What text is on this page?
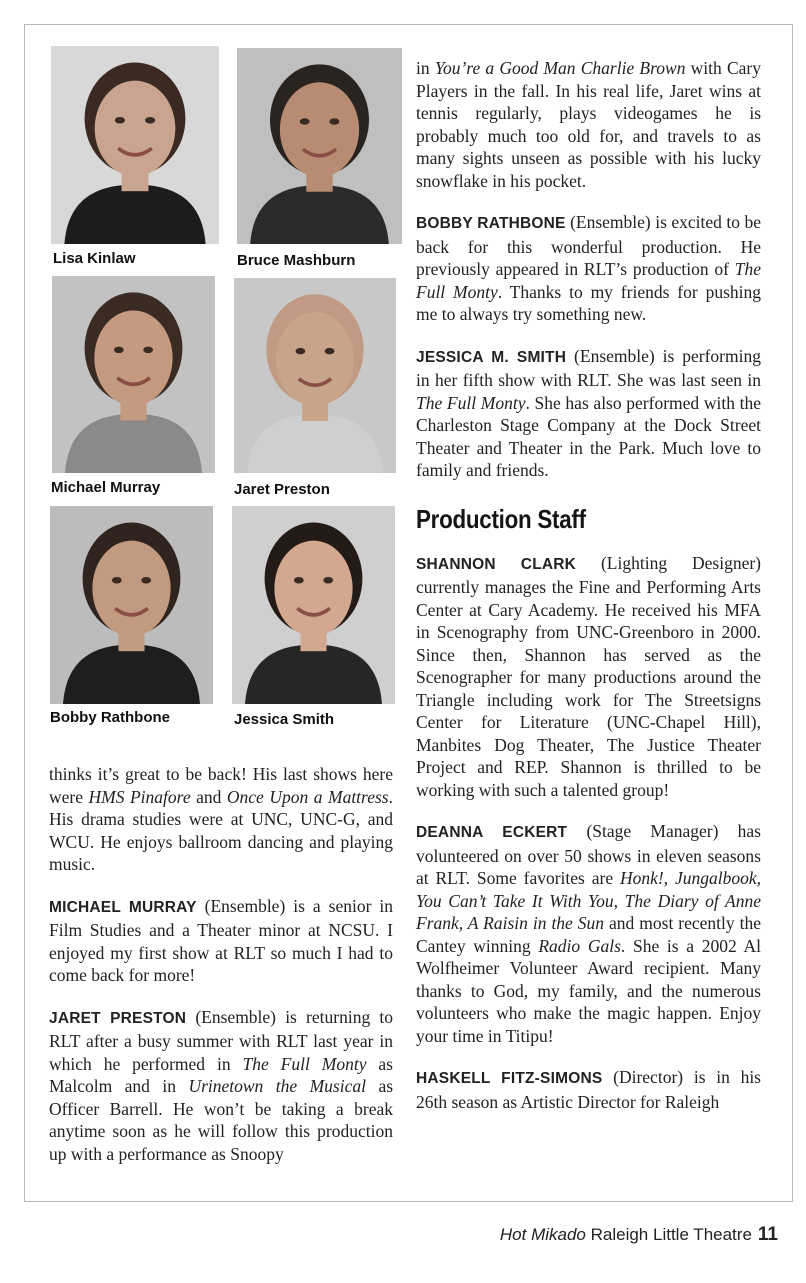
Lisa Kinlaw	Bruce Mashburn
Michael Murray	Jaret Preston
Bobby Rathbone	Jessica Smith

thinks it’s great to be back! His last shows here were HMS Pinafore and Once Upon a Mattress. His drama studies were at UNC, UNC-G, and WCU. He enjoys ballroom dancing and playing music.

MICHAEL MURRAY (Ensemble) is a senior in Film Studies and a Theater minor at NCSU. I enjoyed my first show at RLT so much I had to come back for more!

JARET PRESTON (Ensemble) is returning to RLT after a busy summer with RLT last year in which he performed in The Full Monty as Malcolm and in Urinetown the Musical as Officer Barrell. He won’t be taking a break anytime soon as he will follow this production up with a performance as Snoopy

in You’re a Good Man Charlie Brown with Cary Players in the fall. In his real life, Jaret wins at tennis regularly, plays videogames he is probably much too old for, and travels to as many sights unseen as possible with his lucky snowflake in his pocket.

BOBBY RATHBONE (Ensemble) is excited to be back for this wonderful production. He previously appeared in RLT’s production of The Full Monty. Thanks to my friends for pushing me to always try something new.

JESSICA M. SMITH (Ensemble) is performing in her fifth show with RLT. She was last seen in The Full Monty. She has also performed with the Charleston Stage Company at the Dock Street Theater and Theater in the Park. Much love to family and friends.

Production Staff

SHANNON CLARK (Lighting Designer) currently manages the Fine and Performing Arts Center at Cary Academy. He received his MFA in Scenography from UNC-Greenboro in 2000. Since then, Shannon has served as the Scenographer for many productions around the Triangle including work for The Streetsigns Center for Literature (UNC-Chapel Hill), Manbites Dog Theater, The Justice Theater Project and REP. Shannon is thrilled to be working with such a talented group!

DEANNA ECKERT (Stage Manager) has volunteered on over 50 shows in eleven seasons at RLT. Some favorites are Honk!, Jungalbook, You Can’t Take It With You, The Diary of Anne Frank, A Raisin in the Sun and most recently the Cantey winning Radio Gals. She is a 2002 Al Wolfheimer Volunteer Award recipient. Many thanks to God, my family, and the numerous volunteers who make the magic happen. Enjoy your time in Titipu!

HASKELL FITZ-SIMONS (Director) is in his 26th season as Artistic Director for Raleigh

Hot Mikado Raleigh Little Theatre 11
